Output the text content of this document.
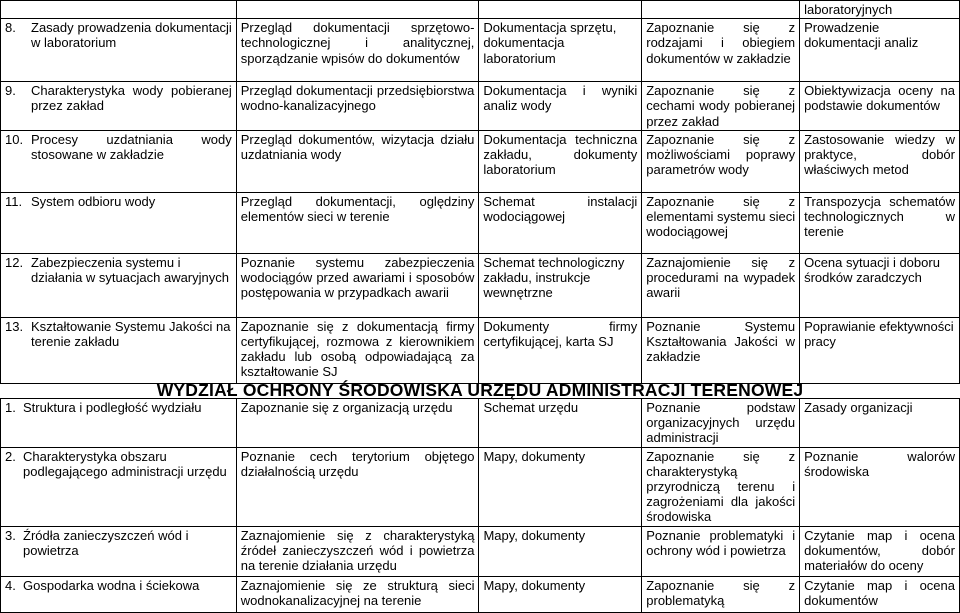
				laboratoryjnych

8. Zasady prowadzenia dokumentacji w laboratorium	Przegląd dokumentacji sprzętowo-technologicznej i analitycznej, sporządzanie wpisów do dokumentów	Dokumentacja sprzętu, dokumentacja laboratorium	Zapoznanie się z rodzajami i obiegiem dokumentów w zakładzie	Prowadzenie dokumentacji analiz

9. Charakterystyka wody pobieranej przez zakład	Przegląd dokumentacji przedsiębiorstwa wodno-kanalizacyjnego	Dokumentacja i wyniki analiz wody	Zapoznanie się z cechami wody pobieranej przez zakład	Obiektywizacja oceny na podstawie dokumentów

10. Procesy uzdatniania wody stosowane w zakładzie	Przegląd dokumentów, wizytacja działu uzdatniania wody	Dokumentacja techniczna zakładu, dokumenty laboratorium	Zapoznanie się z możliwościami poprawy parametrów wody	Zastosowanie wiedzy w praktyce, dobór właściwych metod

11. System odbioru wody	Przegląd dokumentacji, oględziny elementów sieci w terenie	Schemat instalacji wodociągowej	Zapoznanie się z elementami systemu sieci wodociągowej	Transpozycja schematów technologicznych w terenie

12. Zabezpieczenia systemu i działania w sytuacjach awaryjnych	Poznanie systemu zabezpieczenia wodociągów przed awariami i sposobów postępowania w przypadkach awarii	Schemat technologiczny zakładu, instrukcje wewnętrzne	Zaznajomienie się z procedurami na wypadek awarii	Ocena sytuacji i doboru środków zaradczych

13. Kształtowanie Systemu Jakości na terenie zakładu	Zapoznanie się z dokumentacją firmy certyfikującej, rozmowa z kierownikiem zakładu lub osobą odpowiadającą za kształtowanie SJ	Dokumenty firmy certyfikującej, karta SJ	Poznanie Systemu Kształtowania Jakości w zakładzie	Poprawianie efektywności pracy
WYDZIAŁ OCHRONY ŚRODOWISKA URZĘDU ADMINISTRACJI TERENOWEJ
1. Struktura i podległość wydziału	Zapoznanie się z organizacją urzędu	Schemat urzędu	Poznanie podstaw organizacyjnych urzędu administracji	Zasady organizacji

2. Charakterystyka obszaru podlegającego administracji urzędu	Poznanie cech terytorium objętego działalnością urzędu	Mapy, dokumenty	Zapoznanie się z charakterystyką przyrodniczą terenu i zagrożeniami dla jakości środowiska	Poznanie walorów środowiska

3. Źródła zanieczyszczeń wód i powietrza	Zaznajomienie się z charakterystyką źródeł zanieczyszczeń wód i powietrza na terenie działania urzędu	Mapy, dokumenty	Poznanie problematyki i ochrony wód i powietrza	Czytanie map i ocena dokumentów, dobór materiałów do oceny

4. Gospodarka wodna i ściekowa	Zaznajomienie się ze strukturą sieci wodnokanalizacyjnej na terenie	Mapy, dokumenty	Zapoznanie się z problematyką	Czytanie map i ocena dokumentów
